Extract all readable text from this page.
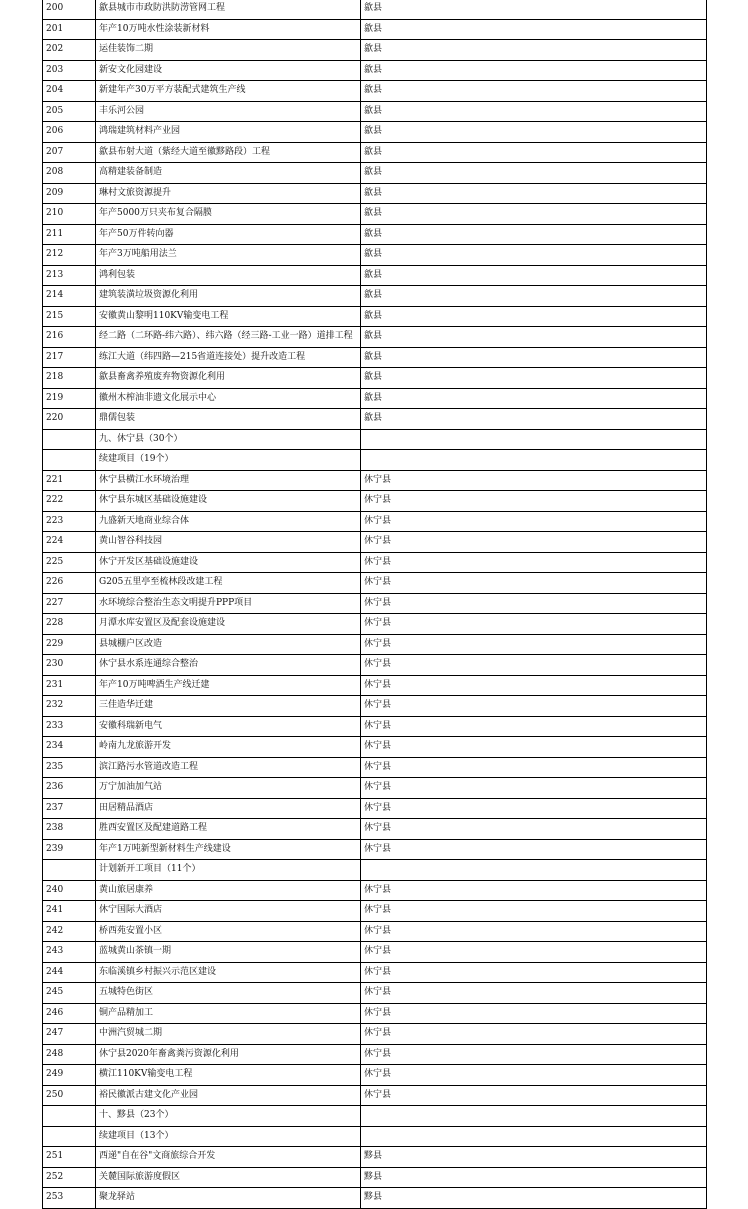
200	歙县城市市政防洪防涝管网工程	歙县
201	年产10万吨水性涂装新材料	歙县
202	运佳装饰二期	歙县
203	新安文化园建设	歙县
204	新建年产30万平方装配式建筑生产线	歙县
205	丰乐河公园	歙县
206	鸿瑞建筑材料产业园	歙县
207	歙县布射大道（紫经大道至徽黟路段）工程	歙县
208	高精建装备制造	歙县
209	琳村文旅资源提升	歙县
210	年产5000万只夹布复合隔膜	歙县
211	年产50万件转向器	歙县
212	年产3万吨船用法兰	歙县
213	鸿利包装	歙县
214	建筑装潢垃圾资源化利用	歙县
215	安徽黄山黎明110KV输变电工程	歙县
216	经二路（二环路-纬六路）、纬六路（经三路-工业一路）道排工程	歙县
217	练江大道（纬四路—215省道连接处）提升改造工程	歙县
218	歙县畜禽养殖废弃物资源化利用	歙县
219	徽州木榨油非遗文化展示中心	歙县
220	鼎儒包装	歙县
	九、休宁县（30个）	
	续建项目（19个）	
221	休宁县横江水环境治理	休宁县
222	休宁县东城区基础设施建设	休宁县
223	九盛新天地商业综合体	休宁县
224	黄山智谷科技园	休宁县
225	休宁开发区基础设施建设	休宁县
226	G205五里亭至梳林段改建工程	休宁县
227	水环境综合整治生态文明提升PPP项目	休宁县
228	月潭水库安置区及配套设施建设	休宁县
229	县城棚户区改造	休宁县
230	休宁县水系连通综合整治	休宁县
231	年产10万吨啤酒生产线迁建	休宁县
232	三佳造华迁建	休宁县
233	安徽科瑞新电气	休宁县
234	岭南九龙旅游开发	休宁县
235	滨江路污水管道改造工程	休宁县
236	万宁加油加气站	休宁县
237	田居精品酒店	休宁县
238	胜西安置区及配建道路工程	休宁县
239	年产1万吨新型新材料生产线建设	休宁县
	计划新开工项目（11个）	
240	黄山旅居康养	休宁县
241	休宁国际大酒店	休宁县
242	桥西苑安置小区	休宁县
243	蓝城黄山茶镇一期	休宁县
244	东临溪镇乡村振兴示范区建设	休宁县
245	五城特色街区	休宁县
246	铜产品精加工	休宁县
247	中洲汽贸城二期	休宁县
248	休宁县2020年畜禽粪污资源化利用	休宁县
249	横江110KV输变电工程	休宁县
250	裕民徽派古建文化产业园	休宁县
	十、黟县（23个）	
	续建项目（13个）	
251	西递"自在谷"文商旅综合开发	黟县
252	关麓国际旅游度假区	黟县
253	聚龙驿站	黟县
